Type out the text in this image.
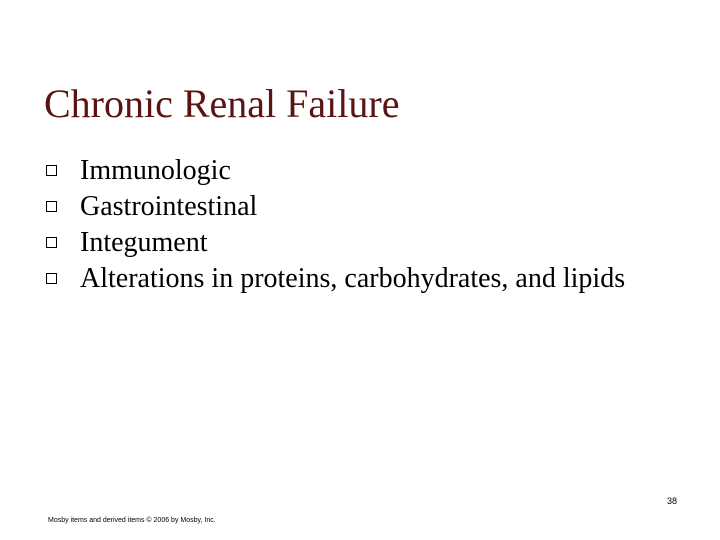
Chronic Renal Failure
Immunologic
Gastrointestinal
Integument
Alterations in proteins, carbohydrates, and lipids
38
Mosby items and derived items © 2006 by Mosby, Inc.
